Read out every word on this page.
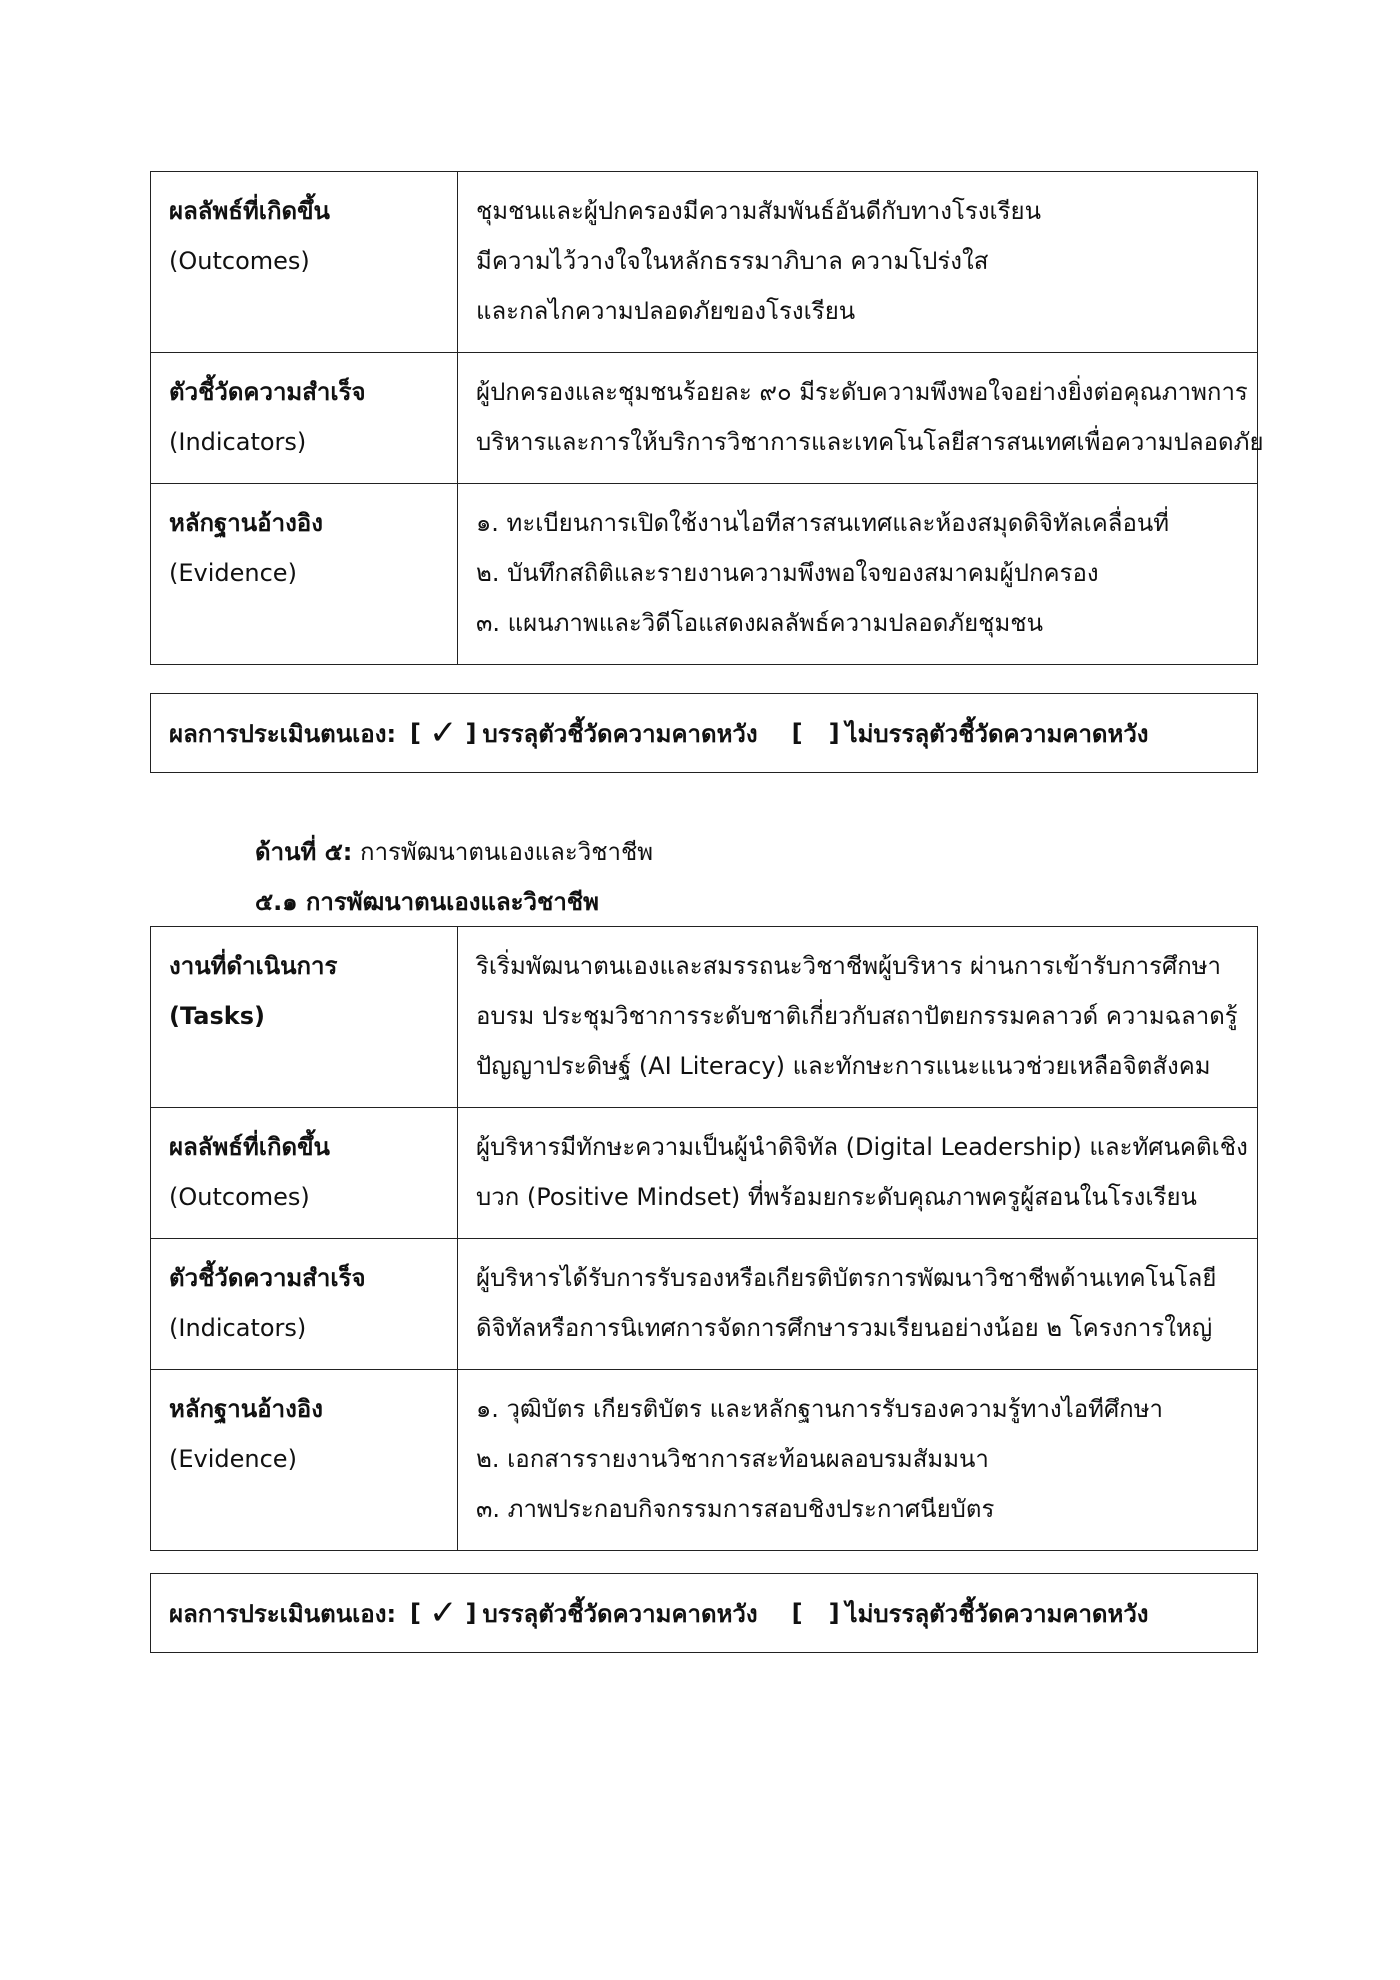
ผลลัพธ์ที่เกิดขึ้น
(Outcomes)	ชุมชนและผู้ปกครองมีความสัมพันธ์อันดีกับทางโรงเรียน
มีความไว้วางใจในหลักธรรมาภิบาล ความโปร่งใส
และกลไกความปลอดภัยของโรงเรียน

ตัวชี้วัดความสำเร็จ
(Indicators)	ผู้ปกครองและชุมชนร้อยละ ๙๐ มีระดับความพึงพอใจอย่างยิ่งต่อคุณภาพการ
บริหารและการให้บริการวิชาการและเทคโนโลยีสารสนเทศเพื่อความปลอดภัย

หลักฐานอ้างอิง
(Evidence)	๑. ทะเบียนการเปิดใช้งานไอทีสารสนเทศและห้องสมุดดิจิทัลเคลื่อนที่
๒. บันทึกสถิติและรายงานความพึงพอใจของสมาคมผู้ปกครอง
๓. แผนภาพและวิดีโอแสดงผลลัพธ์ความปลอดภัยชุมชน
ผลการประเมินตนเอง: [ ✓ ] บรรลุตัวชี้วัดความคาดหวัง [ ] ไม่บรรลุตัวชี้วัดความคาดหวัง
ด้านที่ ๕: การพัฒนาตนเองและวิชาชีพ
๕.๑ การพัฒนาตนเองและวิชาชีพ
งานที่ดำเนินการ (Tasks)	ริเริ่มพัฒนาตนเองและสมรรถนะวิชาชีพผู้บริหาร ผ่านการเข้ารับการศึกษา
อบรม ประชุมวิชาการระดับชาติเกี่ยวกับสถาปัตยกรรมคลาวด์ ความฉลาดรู้
ปัญญาประดิษฐ์ (AI Literacy) และทักษะการแนะแนวช่วยเหลือจิตสังคม

ผลลัพธ์ที่เกิดขึ้น
(Outcomes)	ผู้บริหารมีทักษะความเป็นผู้นำดิจิทัล (Digital Leadership) และทัศนคติเชิง
บวก (Positive Mindset) ที่พร้อมยกระดับคุณภาพครูผู้สอนในโรงเรียน

ตัวชี้วัดความสำเร็จ
(Indicators)	ผู้บริหารได้รับการรับรองหรือเกียรติบัตรการพัฒนาวิชาชีพด้านเทคโนโลยี
ดิจิทัลหรือการนิเทศการจัดการศึกษารวมเรียนอย่างน้อย ๒ โครงการใหญ่

หลักฐานอ้างอิง
(Evidence)	๑. วุฒิบัตร เกียรติบัตร และหลักฐานการรับรองความรู้ทางไอทีศึกษา
๒. เอกสารรายงานวิชาการสะท้อนผลอบรมสัมมนา
๓. ภาพประกอบกิจกรรมการสอบชิงประกาศนียบัตร
ผลการประเมินตนเอง: [ ✓ ] บรรลุตัวชี้วัดความคาดหวัง [ ] ไม่บรรลุตัวชี้วัดความคาดหวัง
